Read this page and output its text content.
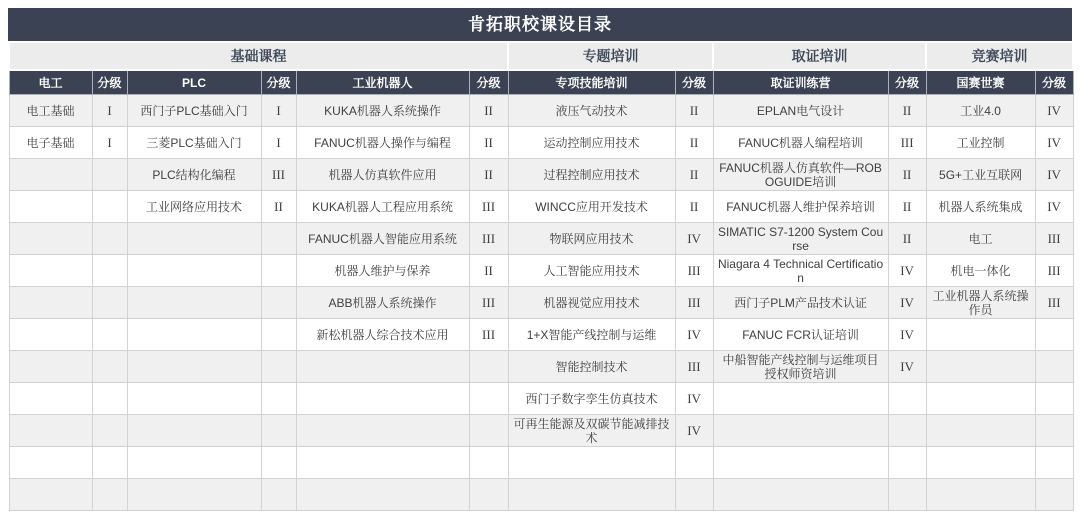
肯拓职校课设目录
基础课程						专题培训		取证培训		竞赛培训	
电工	分级	PLC	分级	工业机器人	分级	专项技能培训	分级	取证训练营	分级	国赛世赛	分级
电工基础	I	西门子PLC基础入门	I	KUKA机器人系统操作	II	液压气动技术	II	EPLAN电气设计	II	工业4.0	IV
电子基础	I	三菱PLC基础入门	I	FANUC机器人操作与编程	II	运动控制应用技术	II	FANUC机器人编程培训	III	工业控制	IV
		PLC结构化编程	III	机器人仿真软件应用	II	过程控制应用技术	II	FANUC机器人仿真软件—ROBOGUIDE培训	II	5G+工业互联网	IV
		工业网络应用技术	II	KUKA机器人工程应用系统	III	WINCC应用开发技术	II	FANUC机器人维护保养培训	II	机器人系统集成	IV
				FANUC机器人智能应用系统	III	物联网应用技术	IV	SIMATIC S7-1200 System Course	II	电工	III
				机器人维护与保养	II	人工智能应用技术	III	Niagara 4 Technical Certification	IV	机电一体化	III
				ABB机器人系统操作	III	机器视觉应用技术	III	西门子PLM产品技术认证	IV	工业机器人系统操作员	III
				新松机器人综合技术应用	III	1+X智能产线控制与运维	IV	FANUC FCR认证培训	IV		
						智能控制技术	III	中船智能产线控制与运维项目授权师资培训	IV		
						西门子数字孪生仿真技术	IV				
						可再生能源及双碳节能减排技术	IV				
